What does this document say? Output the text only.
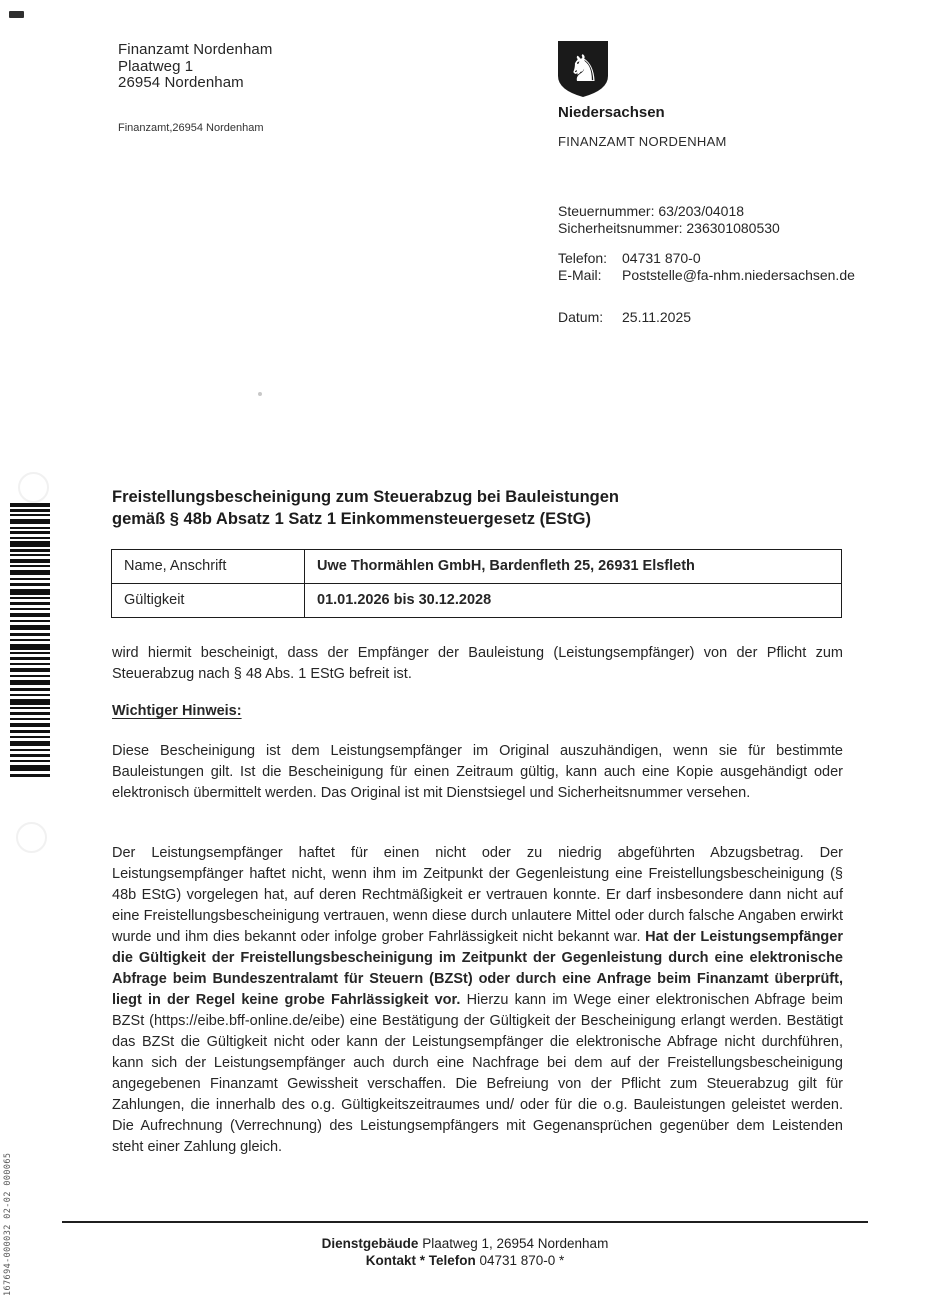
Finanzamt Nordenham
Plaatweg 1
26954 Nordenham
Finanzamt,26954 Nordenham
♞
Niedersachsen
FINANZAMT NORDENHAM
Steuernummer:
63/203/04018
Sicherheitsnummer:
236301080530
Telefon:	04731 870-0
E-Mail:	Poststelle@fa-nhm.niedersachsen.de
Datum:	25.11.2025
167694-000032 02-02 000065
Freistellungsbescheinigung zum Steuerabzug bei Bauleistungen
gemäß § 48b Absatz 1 Satz 1 Einkommensteuergesetz (EStG)
Name, Anschrift	Uwe Thormählen GmbH, Bardenfleth 25, 26931 Elsfleth
Gültigkeit	01.01.2026 bis 30.12.2028
wird hiermit bescheinigt, dass der Empfänger der Bauleistung (Leistungsempfänger) von der Pflicht zum Steuerabzug nach § 48 Abs. 1 EStG befreit ist.
Wichtiger Hinweis:
Diese Bescheinigung ist dem Leistungsempfänger im Original auszuhändigen, wenn sie für bestimmte Bauleistungen gilt. Ist die Bescheinigung für einen Zeitraum gültig, kann auch eine Kopie ausgehändigt oder elektronisch übermittelt werden. Das Original ist mit Dienstsiegel und Sicherheitsnummer versehen.
Der Leistungsempfänger haftet für einen nicht oder zu niedrig abgeführten Abzugsbetrag. Der Leistungsempfänger haftet nicht, wenn ihm im Zeitpunkt der Gegenleistung eine Freistellungsbescheinigung (§ 48b EStG) vorgelegen hat, auf deren Rechtmäßigkeit er vertrauen konnte. Er darf insbesondere dann nicht auf eine Freistellungsbescheinigung vertrauen, wenn diese durch unlautere Mittel oder durch falsche Angaben erwirkt wurde und ihm dies bekannt oder infolge grober Fahrlässigkeit nicht bekannt war. Hat der Leistungsempfänger die Gültigkeit der Freistellungsbescheinigung im Zeitpunkt der Gegenleistung durch eine elektronische Abfrage beim Bundeszentralamt für Steuern (BZSt) oder durch eine Anfrage beim Finanzamt überprüft, liegt in der Regel keine grobe Fahrlässigkeit vor. Hierzu kann im Wege einer elektronischen Abfrage beim BZSt (https://eibe.bff-online.de/eibe) eine Bestätigung der Gültigkeit der Bescheinigung erlangt werden. Bestätigt das BZSt die Gültigkeit nicht oder kann der Leistungsempfänger die elektronische Abfrage nicht durchführen, kann sich der Leistungsempfänger auch durch eine Nachfrage bei dem auf der Freistellungsbescheinigung angegebenen Finanzamt Gewissheit verschaffen. Die Befreiung von der Pflicht zum Steuerabzug gilt für Zahlungen, die innerhalb des o.g. Gültigkeitszeitraumes und/ oder für die o.g. Bauleistungen geleistet werden. Die Aufrechnung (Verrechnung) des Leistungsempfängers mit Gegenansprüchen gegenüber dem Leistenden steht einer Zahlung gleich.
Dienstgebäude Plaatweg 1, 26954 Nordenham
Kontakt * Telefon 04731 870-0 *
